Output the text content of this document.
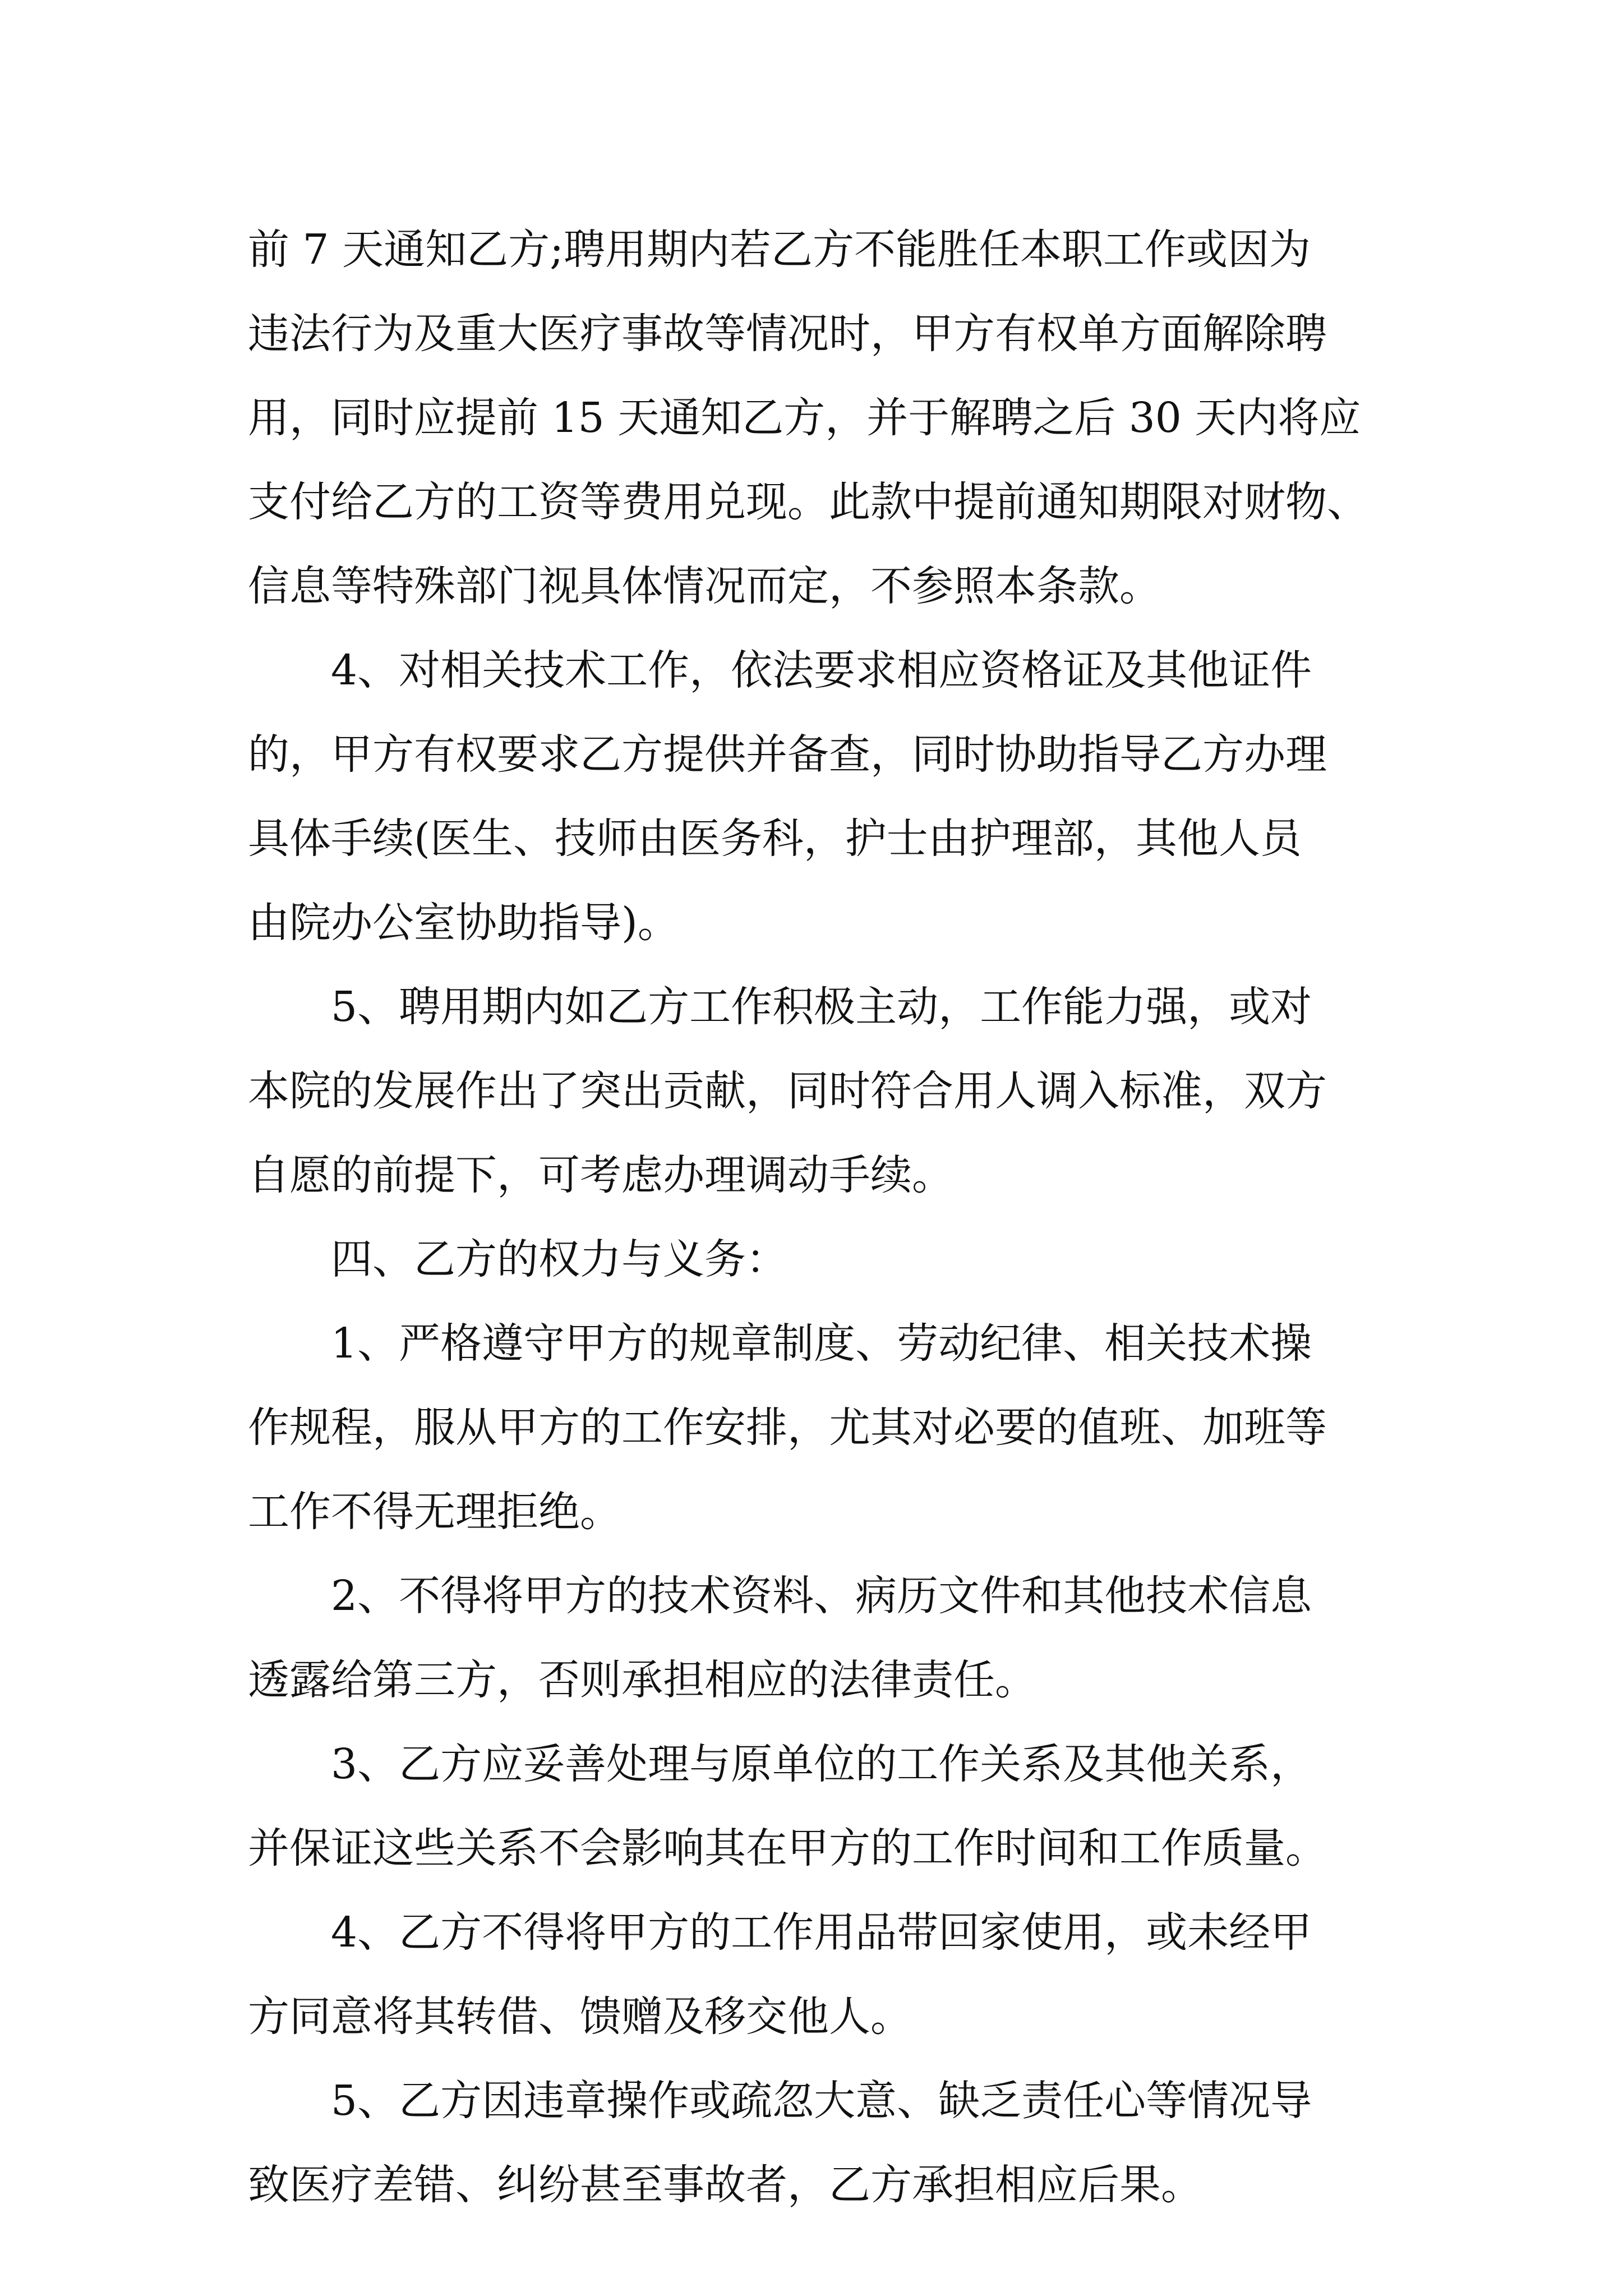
前 7 天通知乙方;聘用期内若乙方不能胜任本职工作或因为
违法行为及重大医疗事故等情况时，甲方有权单方面解除聘
用，同时应提前 15 天通知乙方，并于解聘之后 30 天内将应
支付给乙方的工资等费用兑现。此款中提前通知期限对财物、
信息等特殊部门视具体情况而定，不参照本条款。
4、对相关技术工作，依法要求相应资格证及其他证件
的，甲方有权要求乙方提供并备查，同时协助指导乙方办理
具体手续(医生、技师由医务科，护士由护理部，其他人员
由院办公室协助指导)。
5、聘用期内如乙方工作积极主动，工作能力强，或对
本院的发展作出了突出贡献，同时符合用人调入标准，双方
自愿的前提下，可考虑办理调动手续。
四、乙方的权力与义务：
1、严格遵守甲方的规章制度、劳动纪律、相关技术操
作规程，服从甲方的工作安排，尤其对必要的值班、加班等
工作不得无理拒绝。
2、不得将甲方的技术资料、病历文件和其他技术信息
透露给第三方，否则承担相应的法律责任。
3、乙方应妥善处理与原单位的工作关系及其他关系，
并保证这些关系不会影响其在甲方的工作时间和工作质量。
4、乙方不得将甲方的工作用品带回家使用，或未经甲
方同意将其转借、馈赠及移交他人。
5、乙方因违章操作或疏忽大意、缺乏责任心等情况导
致医疗差错、纠纷甚至事故者，乙方承担相应后果。
